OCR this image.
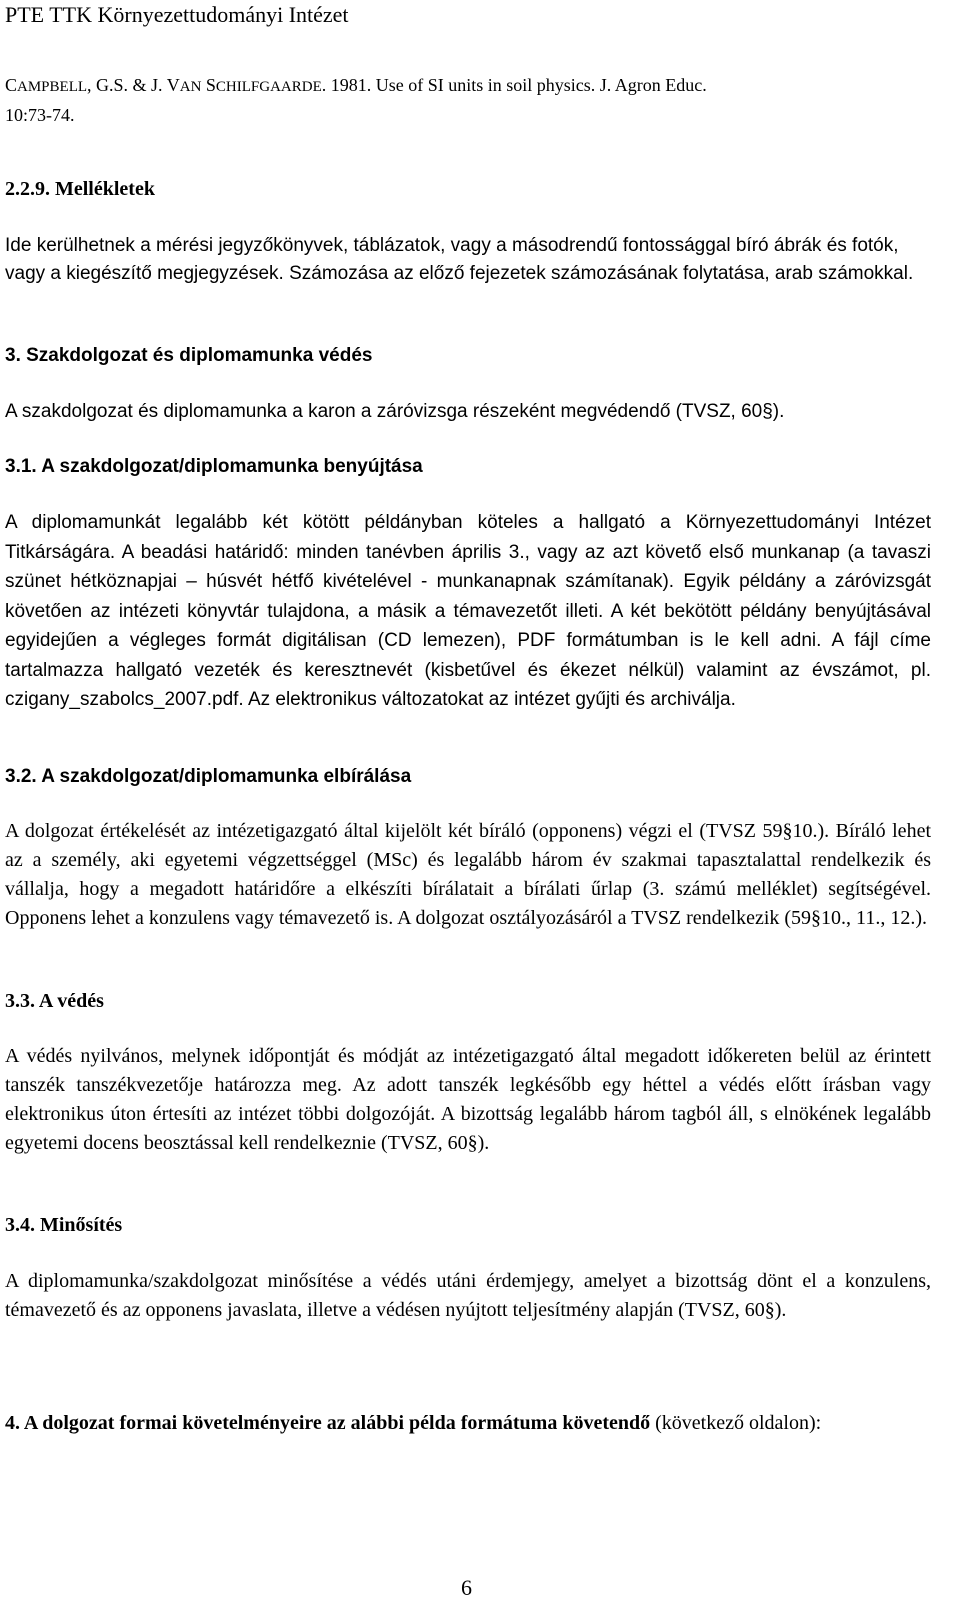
PTE TTK Környezettudományi Intézet
CAMPBELL, G.S. & J. VAN SCHILFGAARDE. 1981. Use of SI units in soil physics. J. Agron Educ. 10:73-74.
2.2.9. Mellékletek
Ide kerülhetnek a mérési jegyzőkönyvek, táblázatok, vagy a másodrendű fontossággal bíró ábrák és fotók, vagy a kiegészítő megjegyzések. Számozása az előző fejezetek számozásának folytatása, arab számokkal.
3. Szakdolgozat és diplomamunka védés
A szakdolgozat és diplomamunka a karon a záróvizsga részeként megvédendő (TVSZ, 60§).
3.1. A szakdolgozat/diplomamunka benyújtása
A diplomamunkát legalább két kötött példányban köteles a hallgató a Környezettudományi Intézet Titkárságára. A beadási határidő: minden tanévben április 3., vagy az azt követő első munkanap (a tavaszi szünet hétköznapjai – húsvét hétfő kivételével - munkanapnak számítanak). Egyik példány a záróvizsgát követően az intézeti könyvtár tulajdona, a másik a témavezetőt illeti. A két bekötött példány benyújtásával egyidejűen a végleges formát digitálisan (CD lemezen), PDF formátumban is le kell adni. A fájl címe tartalmazza hallgató vezeték és keresztnevét (kisbetűvel és ékezet nélkül) valamint az évszámot, pl. czigany_szabolcs_2007.pdf. Az elektronikus változatokat az intézet gyűjti és archiválja.
3.2. A szakdolgozat/diplomamunka elbírálása
A dolgozat értékelését az intézetigazgató által kijelölt két bíráló (opponens) végzi el (TVSZ 59§10.). Bíráló lehet az a személy, aki egyetemi végzettséggel (MSc) és legalább három év szakmai tapasztalattal rendelkezik és vállalja, hogy a megadott határidőre a elkészíti bírálatait a bírálati űrlap (3. számú melléklet) segítségével. Opponens lehet a konzulens vagy témavezető is. A dolgozat osztályozásáról a TVSZ rendelkezik (59§10., 11., 12.).
3.3. A védés
A védés nyilvános, melynek időpontját és módját az intézetigazgató által megadott időkereten belül az érintett tanszék tanszékvezetője határozza meg. Az adott tanszék legkésőbb egy héttel a védés előtt írásban vagy elektronikus úton értesíti az intézet többi dolgozóját. A bizottság legalább három tagból áll, s elnökének legalább egyetemi docens beosztással kell rendelkeznie (TVSZ, 60§).
3.4. Minősítés
A diplomamunka/szakdolgozat minősítése a védés utáni érdemjegy, amelyet a bizottság dönt el a konzulens, témavezető és az opponens javaslata, illetve a védésen nyújtott teljesítmény alapján (TVSZ, 60§).
4. A dolgozat formai követelményeire az alábbi példa formátuma követendő (következő oldalon):
6
